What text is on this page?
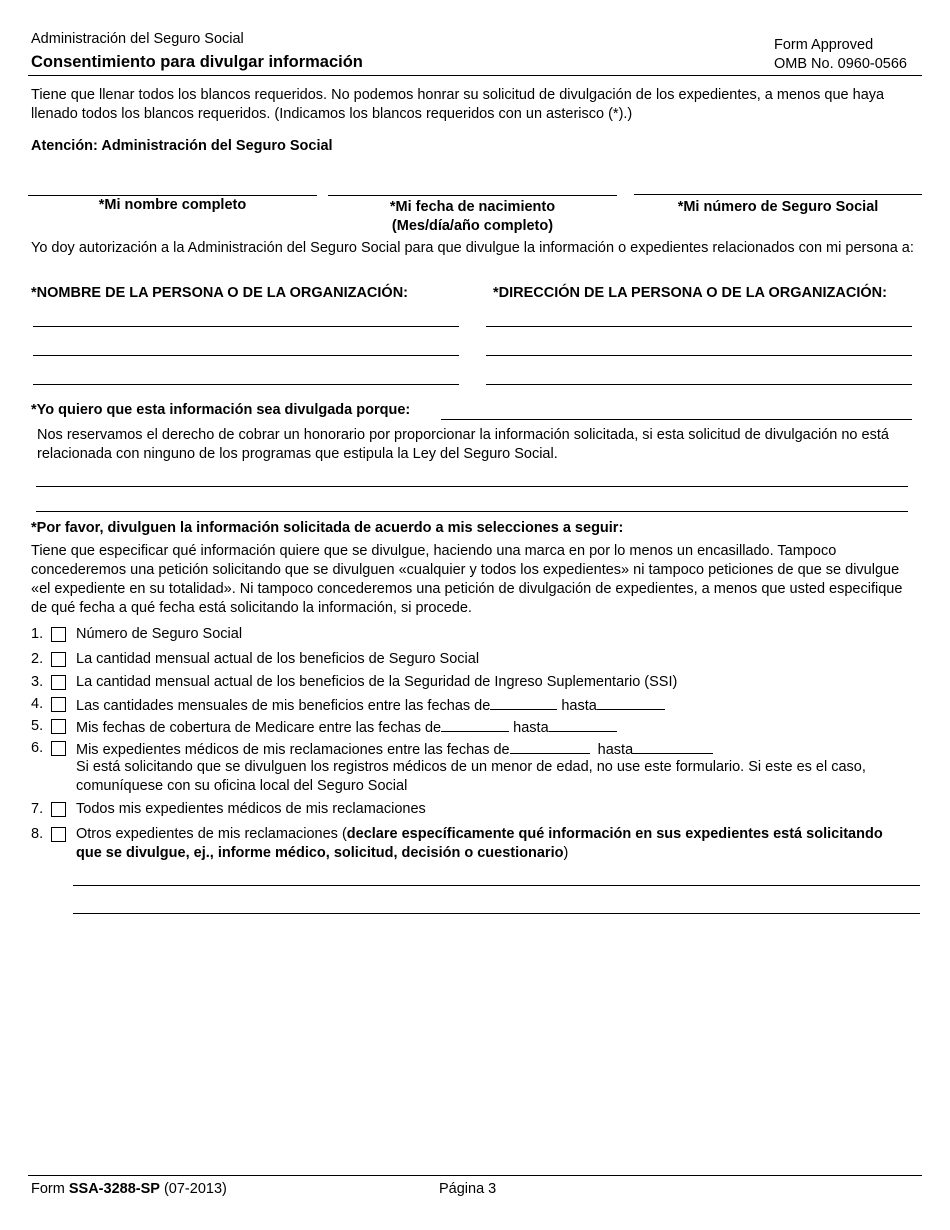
Administración del Seguro Social
Consentimiento para divulgar información
Form Approved
OMB No. 0960-0566
Tiene que llenar todos los blancos requeridos. No podemos honrar su solicitud de divulgación de los expedientes, a menos que haya llenado todos los blancos requeridos. (Indicamos los blancos requeridos con un asterisco (*).)
Atención: Administración del Seguro Social
*Mi nombre completo	*Mi fecha de nacimiento
(Mes/día/año completo)
*Mi número de Seguro Social
Yo doy autorización a la Administración del Seguro Social para que divulgue la información o expedientes relacionados con mi persona a:
*NOMBRE DE LA PERSONA O DE LA ORGANIZACIÓN:	*DIRECCIÓN DE LA PERSONA O DE LA ORGANIZACIÓN:
*Yo quiero que esta información sea divulgada porque:
Nos reservamos el derecho de cobrar un honorario por proporcionar la información solicitada, si esta solicitud de divulgación no está relacionada con ninguno de los programas que estipula la Ley del Seguro Social.
*Por favor, divulguen la información solicitada de acuerdo a mis selecciones a seguir:
Tiene que especificar qué información quiere que se divulgue, haciendo una marca en por lo menos un encasillado. Tampoco concederemos una petición solicitando que se divulguen «cualquier y todos los expedientes» ni tampoco peticiones de que se divulgue «el expediente en su totalidad». Ni tampoco concederemos una petición de divulgación de expedientes, a menos que usted especifique de qué fecha a qué fecha está solicitando la información, si procede.
1. Número de Seguro Social
2. La cantidad mensual actual de los beneficios de Seguro Social
3. La cantidad mensual actual de los beneficios de la Seguridad de Ingreso Suplementario (SSI)
4. Las cantidades mensuales de mis beneficios entre las fechas de	hasta
5. Mis fechas de cobertura de Medicare entre las fechas de	hasta
6. Mis expedientes médicos de mis reclamaciones entre las fechas de	hasta
Si está solicitando que se divulguen los registros médicos de un menor de edad, no use este formulario. Si este es el caso, comuníquese con su oficina local del Seguro Social
7. Todos mis expedientes médicos de mis reclamaciones
8. Otros expedientes de mis reclamaciones (declare específicamente qué información en sus expedientes está solicitando que se divulgue, ej., informe médico, solicitud, decisión o cuestionario)
Form SSA-3288-SP (07-2013)	Página 3
